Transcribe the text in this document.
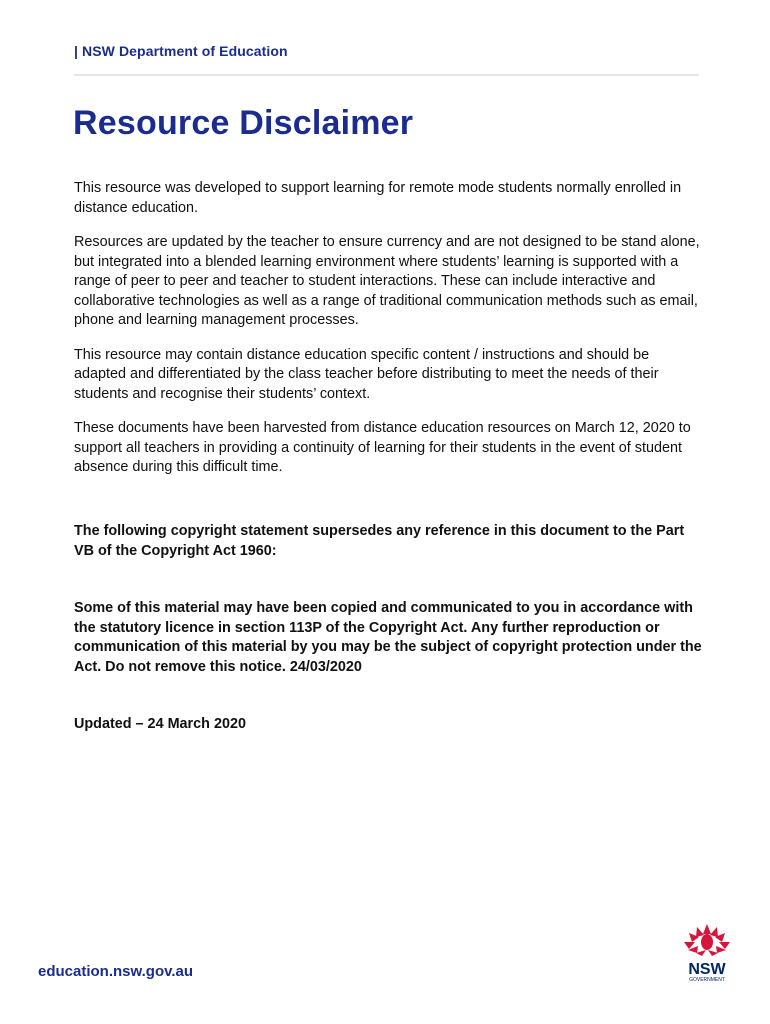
| NSW Department of Education
Resource Disclaimer

This resource was developed to support learning for remote mode students normally enrolled in distance education.

Resources are updated by the teacher to ensure currency and are not designed to be stand alone, but integrated into a blended learning environment where students’ learning is supported with a range of peer to peer and teacher to student interactions. These can include interactive and collaborative technologies as well as a range of traditional communication methods such as email, phone and learning management processes.

This resource may contain distance education specific content / instructions and should be adapted and differentiated by the class teacher before distributing to meet the needs of their students and recognise their students’ context.

These documents have been harvested from distance education resources on March 12, 2020 to support all teachers in providing a continuity of learning for their students in the event of student absence during this difficult time.

The following copyright statement supersedes any reference in this document to the Part VB of the Copyright Act 1960:

Some of this material may have been copied and communicated to you in accordance with the statutory licence in section 113P of the Copyright Act. Any further reproduction or communication of this material by you may be the subject of copyright protection under the Act. Do not remove this notice. 24/03/2020

Updated – 24 March 2020

education.nsw.gov.au	NSW
GOVERNMENT
